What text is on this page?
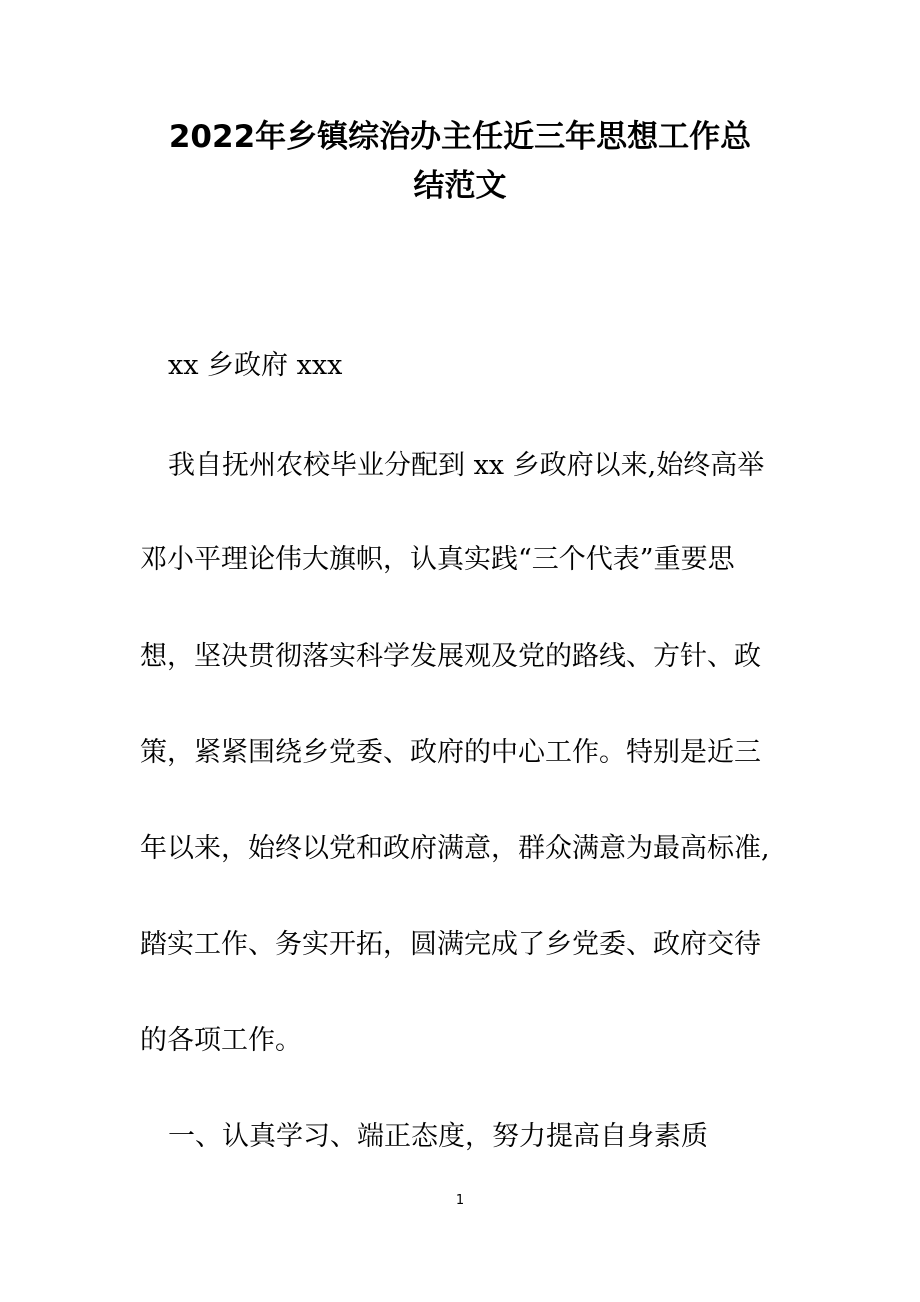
2022年乡镇综治办主任近三年思想工作总
结范文

xx 乡政府 xxx

我自抚州农校毕业分配到 xx 乡政府以来,始终高举

邓小平理论伟大旗帜，认真实践“三个代表”重要思

想，坚决贯彻落实科学发展观及党的路线、方针、政

策，紧紧围绕乡党委、政府的中心工作。特别是近三

年以来，始终以党和政府满意，群众满意为最高标准,

踏实工作、务实开拓，圆满完成了乡党委、政府交待

的各项工作。

一、认真学习、端正态度，努力提高自身素质
1
